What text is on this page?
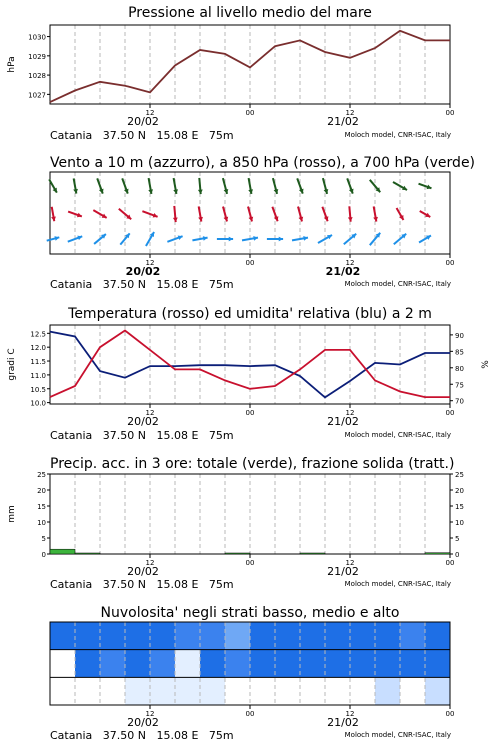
Pressione al livello medio del mare
12	00	12	00
20/02	21/02
1027
1028
1029
1030
hPa
Catania 37.50 N   15.08 E 75m	Moloch model, CNR-ISAC, Italy
Vento a 10 m (azzurro), a 850 hPa (rosso), a 700 hPa (verde)
12	00	12	00
20/02	21/02
Catania 37.50 N   15.08 E 75m	Moloch model, CNR-ISAC, Italy
Temperatura (rosso) ed umidita' relativa (blu) a 2 m
12	00	12	00
20/02	21/02
10.0
10.5
11.0
11.5
12.0
12.5
70
75
80
85
90
gradi C	%
Catania 37.50 N   15.08 E 75m	Moloch model, CNR-ISAC, Italy
Precip. acc. in 3 ore: totale (verde), frazione solida (tratt.)
12	00	12	00
20/02	21/02
0	0
5	5
10	10
15	15
20	20
25	25
mm
Catania 37.50 N   15.08 E 75m	Moloch model, CNR-ISAC, Italy
Nuvolosita' negli strati basso, medio e alto
12	00	12	00
20/02	21/02
Catania 37.50 N   15.08 E 75m	Moloch model, CNR-ISAC, Italy
